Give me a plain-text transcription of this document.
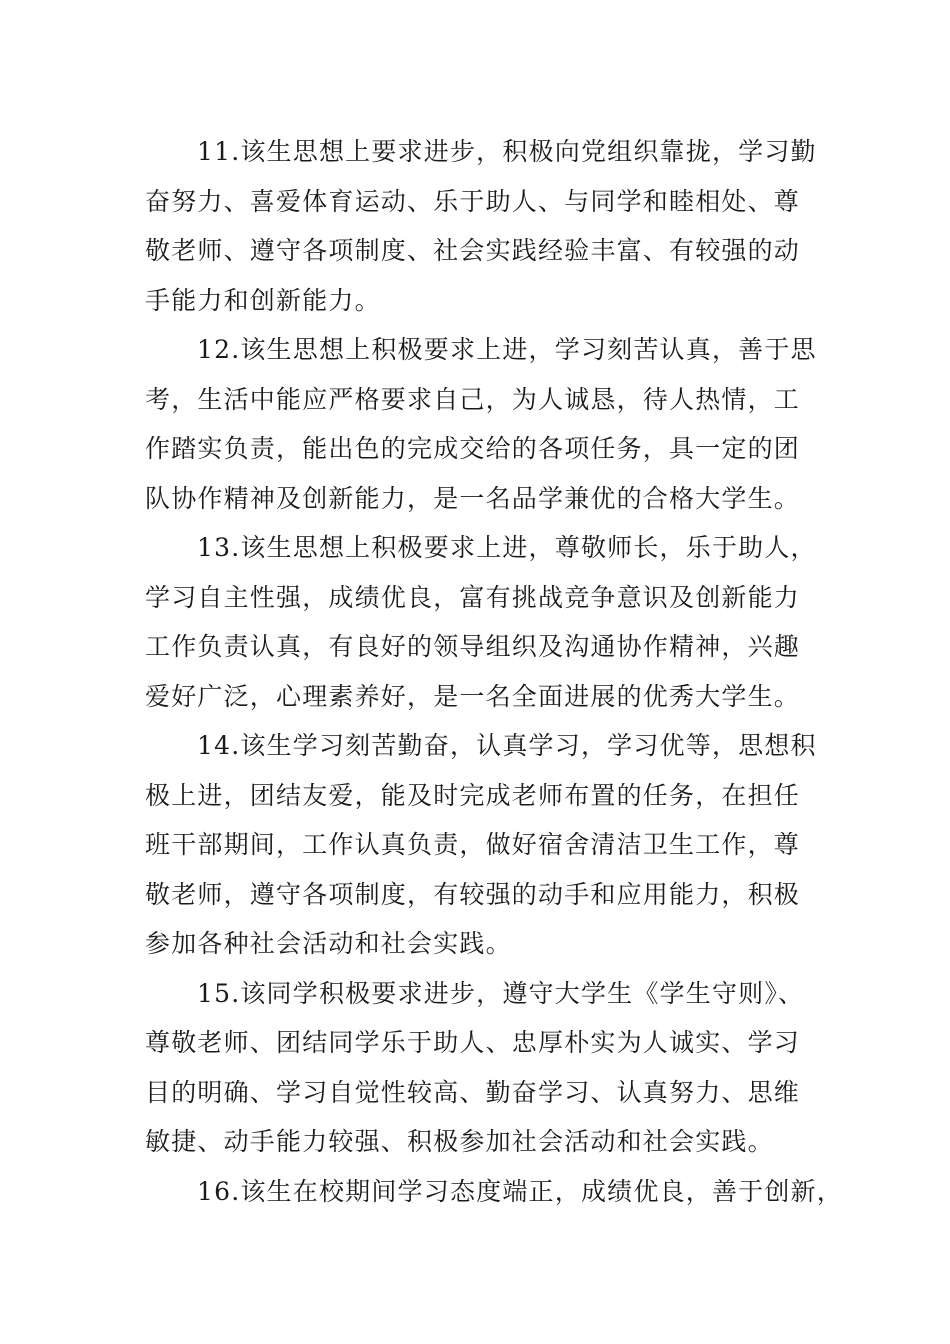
11.该生思想上要求进步，积极向党组织靠拢，学习勤
奋努力、喜爱体育运动、乐于助人、与同学和睦相处、尊
敬老师、遵守各项制度、社会实践经验丰富、有较强的动
手能力和创新能力。
12.该生思想上积极要求上进，学习刻苦认真，善于思
考，生活中能应严格要求自己，为人诚恳，待人热情，工
作踏实负责，能出色的完成交给的各项任务，具一定的团
队协作精神及创新能力，是一名品学兼优的合格大学生。
13.该生思想上积极要求上进，尊敬师长，乐于助人，
学习自主性强，成绩优良，富有挑战竞争意识及创新能力
工作负责认真，有良好的领导组织及沟通协作精神，兴趣
爱好广泛，心理素养好，是一名全面进展的优秀大学生。
14.该生学习刻苦勤奋，认真学习，学习优等，思想积
极上进，团结友爱，能及时完成老师布置的任务，在担任
班干部期间，工作认真负责，做好宿舍清洁卫生工作，尊
敬老师，遵守各项制度，有较强的动手和应用能力，积极
参加各种社会活动和社会实践。
15.该同学积极要求进步，遵守大学生《学生守则》、
尊敬老师、团结同学乐于助人、忠厚朴实为人诚实、学习
目的明确、学习自觉性较高、勤奋学习、认真努力、思维
敏捷、动手能力较强、积极参加社会活动和社会实践。
16.该生在校期间学习态度端正，成绩优良，善于创新，
